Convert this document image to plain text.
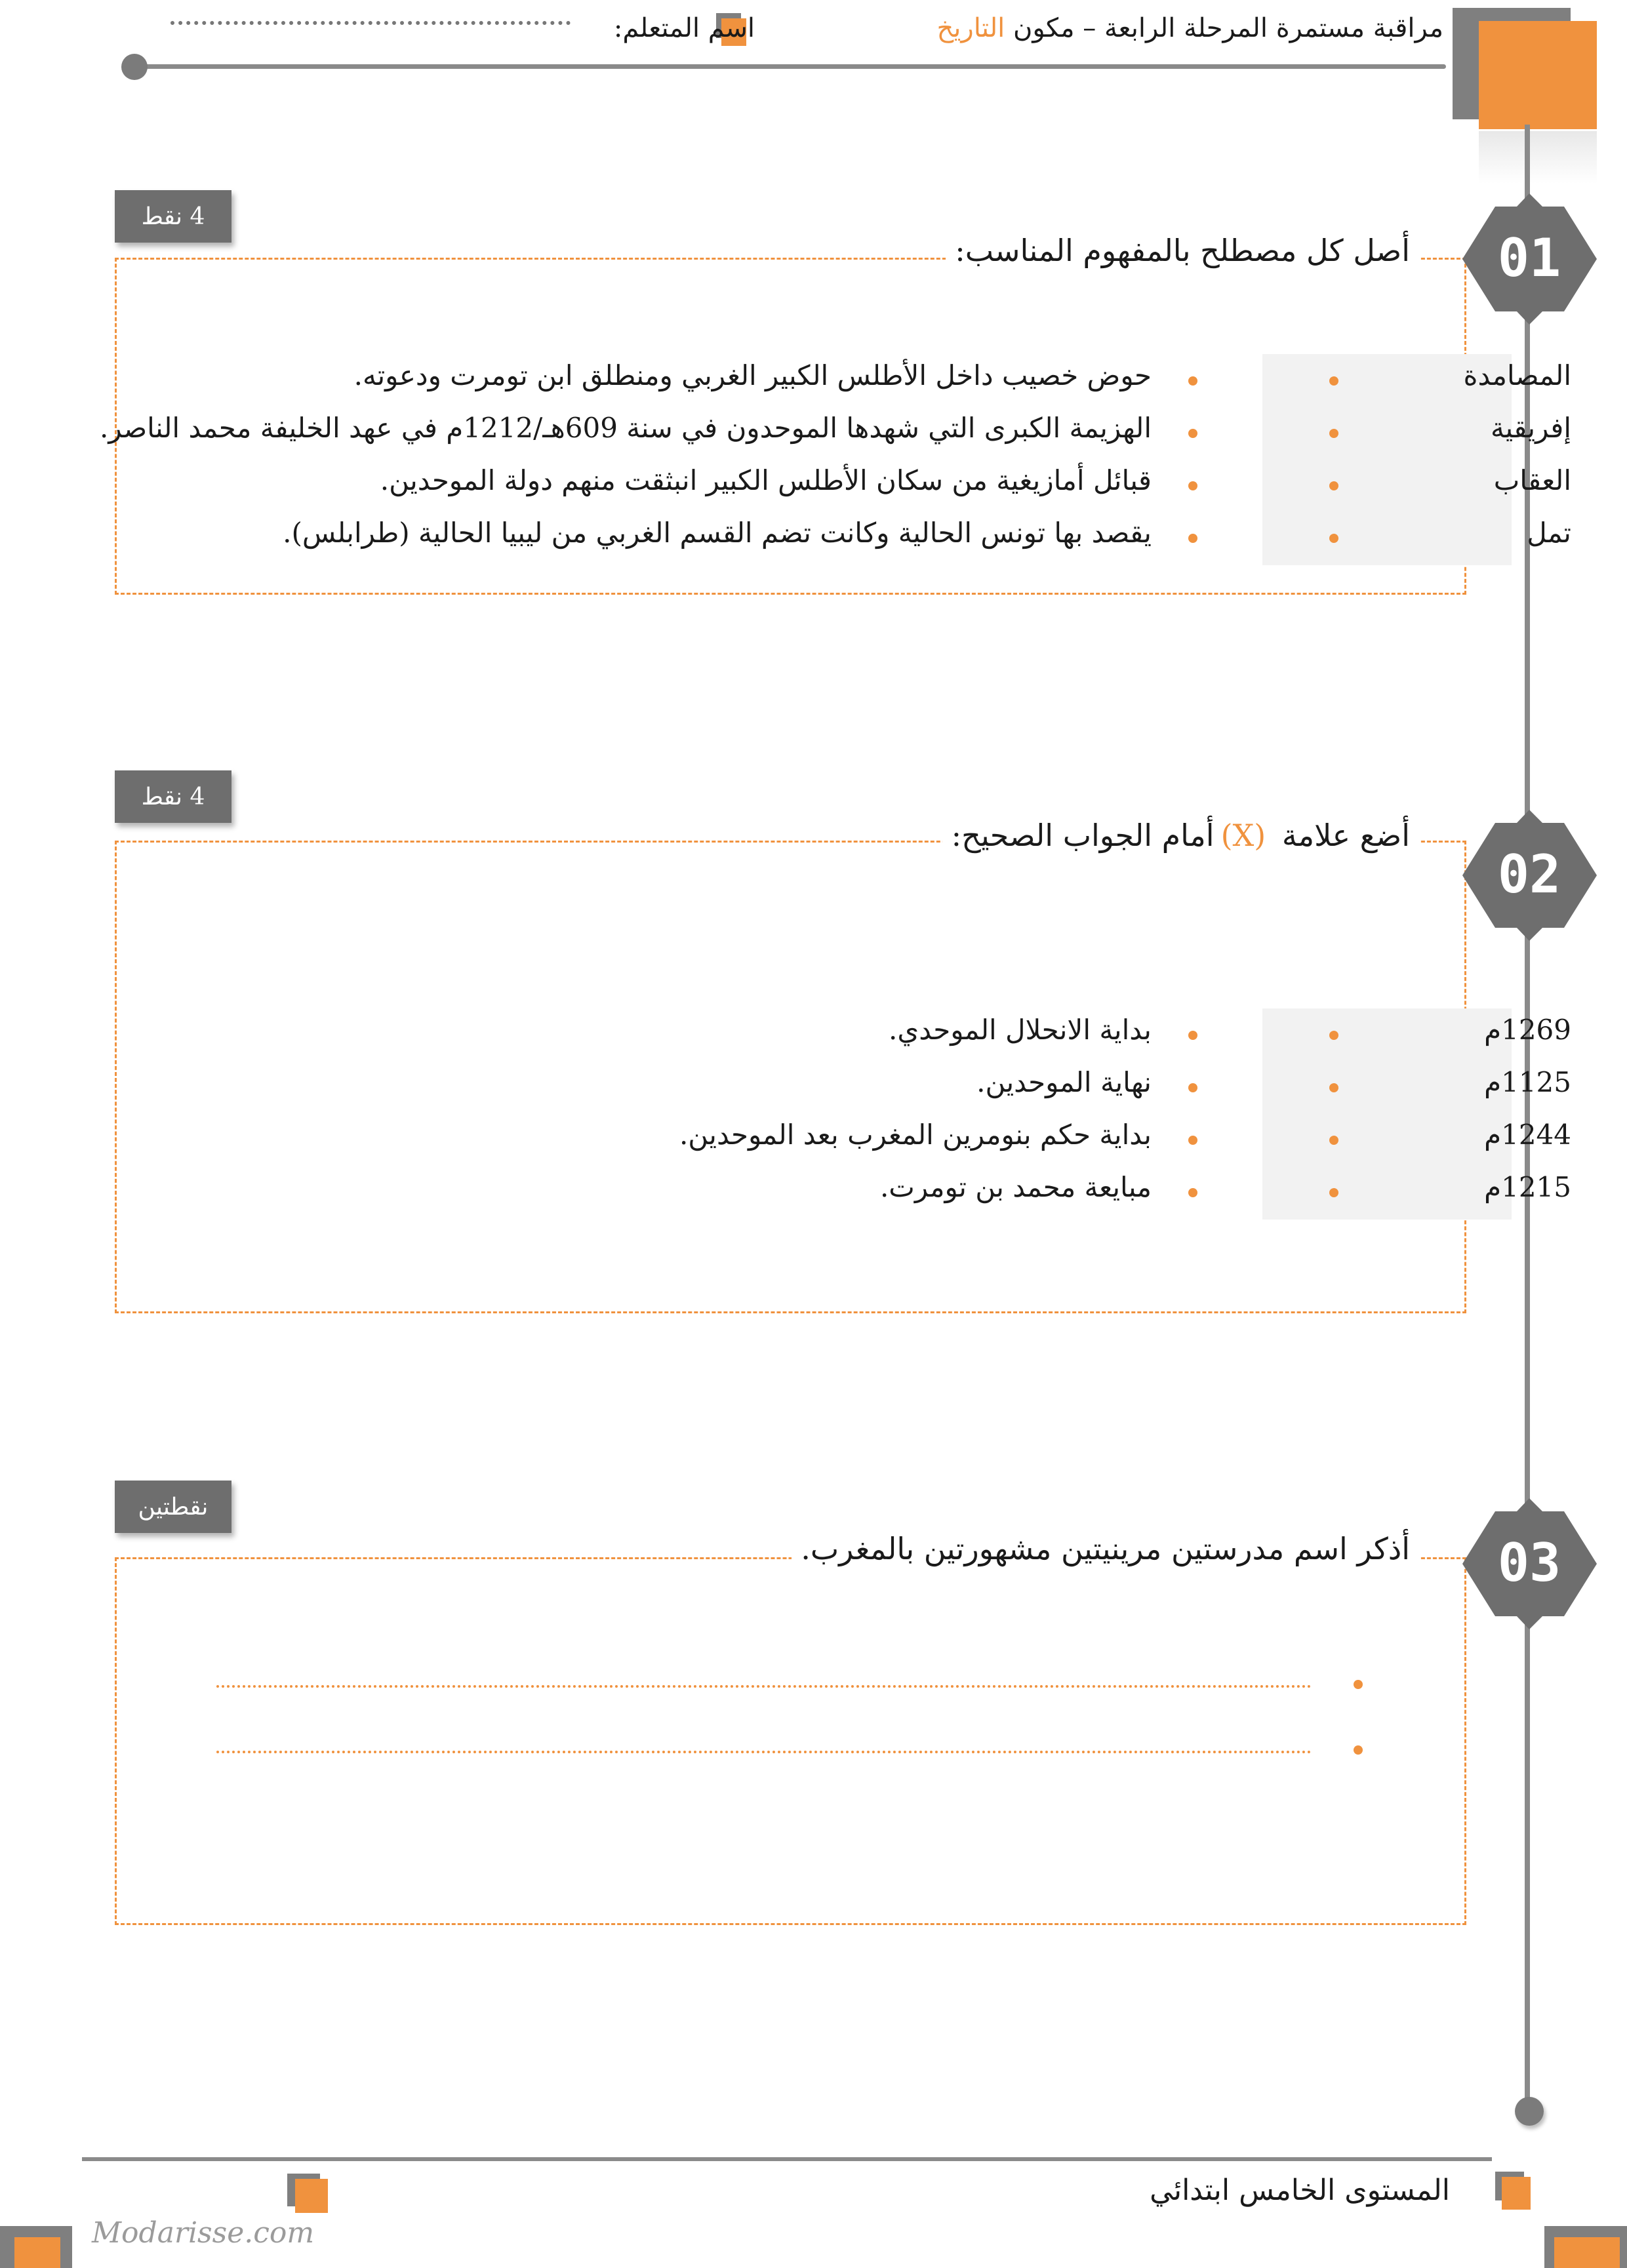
مراقبة مستمرة المرحلة الرابعة – مكون التاريخ
اسم المتعلم:
4 نقط
أصل كل مصطلح بالمفهوم المناسب: 01
المصامدة
إفريقية
العقاب
تمل
حوض خصيب داخل الأطلس الكبير الغربي ومنطلق ابن تومرت ودعوته.
الهزيمة الكبرى التي شهدها الموحدون في سنة 609هـ/1212م في عهد الخليفة محمد الناصر.
قبائل أمازيغية من سكان الأطلس الكبير انبثقت منهم دولة الموحدين.
يقصد بها تونس الحالية وكانت تضم القسم الغربي من ليبيا الحالية (طرابلس).
4 نقط
أضع علامة (X)أمام الجواب الصحيح:
02
1269م
1125م
1244م
1215م
بداية الانحلال الموحدي.
نهاية الموحدين.
بداية حكم بنومرين المغرب بعد الموحدين.
مبايعة محمد بن تومرت.
نقطتين
أذكر اسم مدرستين مرينيتين مشهورتين بالمغرب. 03
المستوى الخامس ابتدائي
Modarisse.com
